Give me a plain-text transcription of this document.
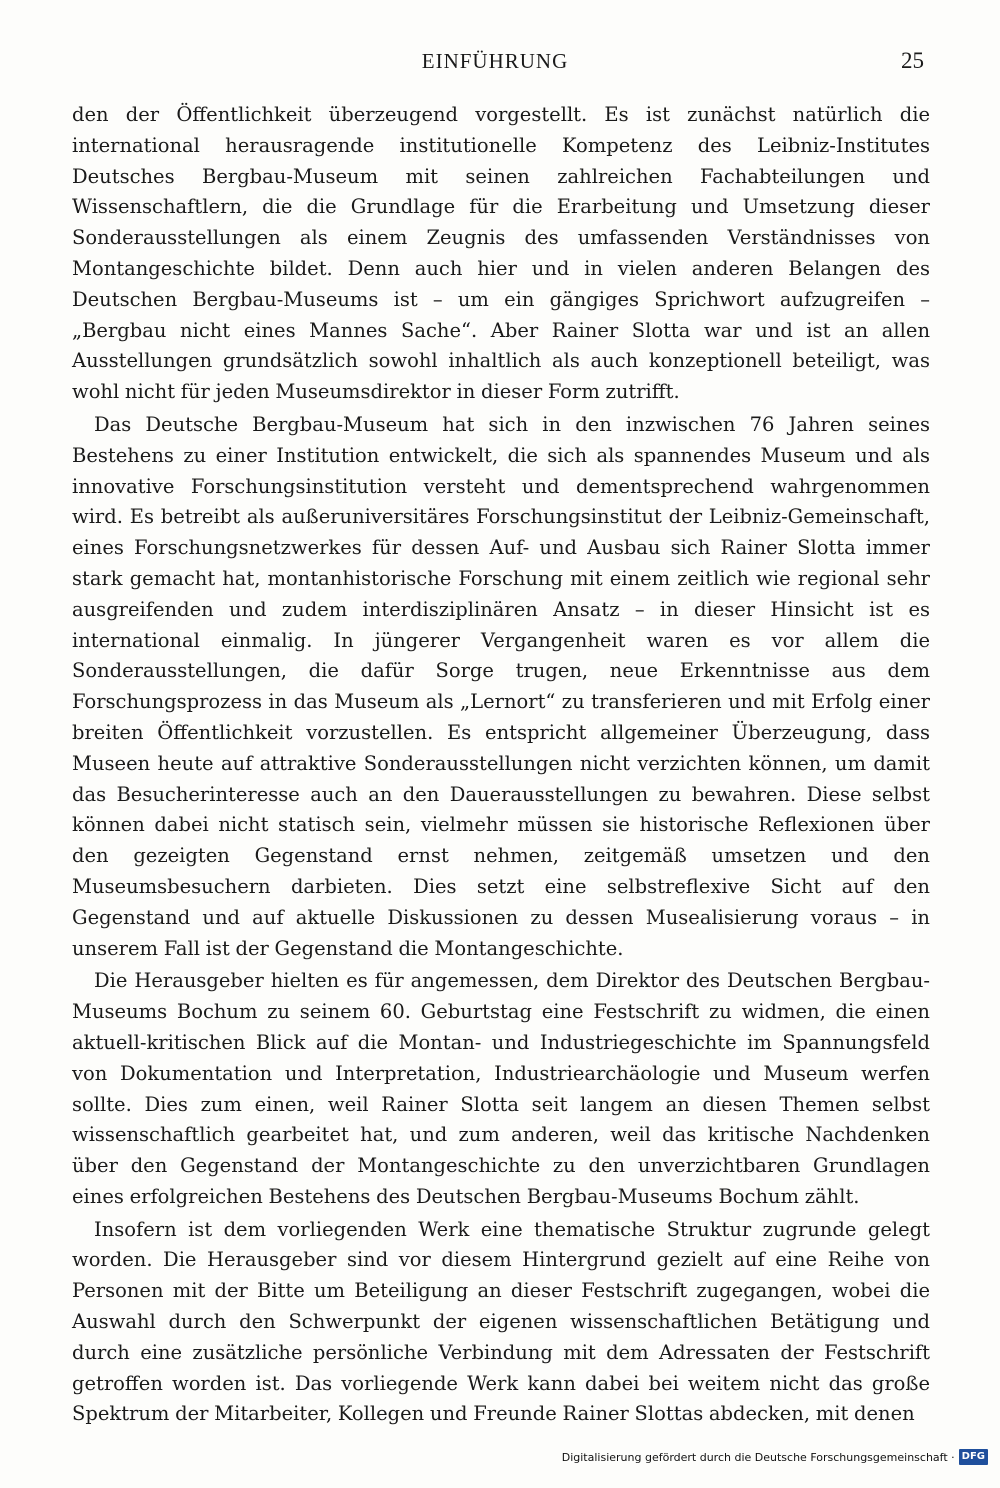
EINFÜHRUNG	25

den der Öffentlichkeit überzeugend vorgestellt. Es ist zunächst natürlich die international herausragende institutionelle Kompetenz des Leibniz-Institutes Deutsches Bergbau-Museum mit seinen zahlreichen Fachabteilungen und Wissenschaftlern, die die Grundlage für die Erarbeitung und Umsetzung dieser Sonderausstellungen als einem Zeugnis des umfassenden Verständnisses von Montangeschichte bildet. Denn auch hier und in vielen anderen Belangen des Deutschen Bergbau-Museums ist – um ein gängiges Sprichwort aufzugreifen – „Bergbau nicht eines Mannes Sache“. Aber Rainer Slotta war und ist an allen Ausstellungen grundsätzlich sowohl inhaltlich als auch konzeptionell beteiligt, was wohl nicht für jeden Museumsdirektor in dieser Form zutrifft.

Das Deutsche Bergbau-Museum hat sich in den inzwischen 76 Jahren seines Bestehens zu einer Institution entwickelt, die sich als spannendes Museum und als innovative Forschungsinstitution versteht und dementsprechend wahrgenommen wird. Es betreibt als außeruniversitäres Forschungsinstitut der Leibniz-Gemeinschaft, eines Forschungsnetzwerkes für dessen Auf- und Ausbau sich Rainer Slotta immer stark gemacht hat, montanhistorische Forschung mit einem zeitlich wie regional sehr ausgreifenden und zudem interdisziplinären Ansatz – in dieser Hinsicht ist es international einmalig. In jüngerer Vergangenheit waren es vor allem die Sonderausstellungen, die dafür Sorge trugen, neue Erkenntnisse aus dem Forschungsprozess in das Museum als „Lernort“ zu transferieren und mit Erfolg einer breiten Öffentlichkeit vorzustellen. Es entspricht allgemeiner Überzeugung, dass Museen heute auf attraktive Sonderausstellungen nicht verzichten können, um damit das Besucherinteresse auch an den Dauerausstellungen zu bewahren. Diese selbst können dabei nicht statisch sein, vielmehr müssen sie historische Reflexionen über den gezeigten Gegenstand ernst nehmen, zeitgemäß umsetzen und den Museumsbesuchern darbieten. Dies setzt eine selbstreflexive Sicht auf den Gegenstand und auf aktuelle Diskussionen zu dessen Musealisierung voraus – in unserem Fall ist der Gegenstand die Montangeschichte.

Die Herausgeber hielten es für angemessen, dem Direktor des Deutschen Bergbau-Museums Bochum zu seinem 60. Geburtstag eine Festschrift zu widmen, die einen aktuell-kritischen Blick auf die Montan- und Industriegeschichte im Spannungsfeld von Dokumentation und Interpretation, Industriearchäologie und Museum werfen sollte. Dies zum einen, weil Rainer Slotta seit langem an diesen Themen selbst wissenschaftlich gearbeitet hat, und zum anderen, weil das kritische Nachdenken über den Gegenstand der Montangeschichte zu den unverzichtbaren Grundlagen eines erfolgreichen Bestehens des Deutschen Bergbau-Museums Bochum zählt.

Insofern ist dem vorliegenden Werk eine thematische Struktur zugrunde gelegt worden. Die Herausgeber sind vor diesem Hintergrund gezielt auf eine Reihe von Personen mit der Bitte um Beteiligung an dieser Festschrift zugegangen, wobei die Auswahl durch den Schwerpunkt der eigenen wissenschaftlichen Betätigung und durch eine zusätzliche persönliche Verbindung mit dem Adressaten der Festschrift getroffen worden ist. Das vorliegende Werk kann dabei bei weitem nicht das große Spektrum der Mitarbeiter, Kollegen und Freunde Rainer Slottas abdecken, mit denen

Digitalisierung gefördert durch die Deutsche Forschungsgemeinschaft · DFG
